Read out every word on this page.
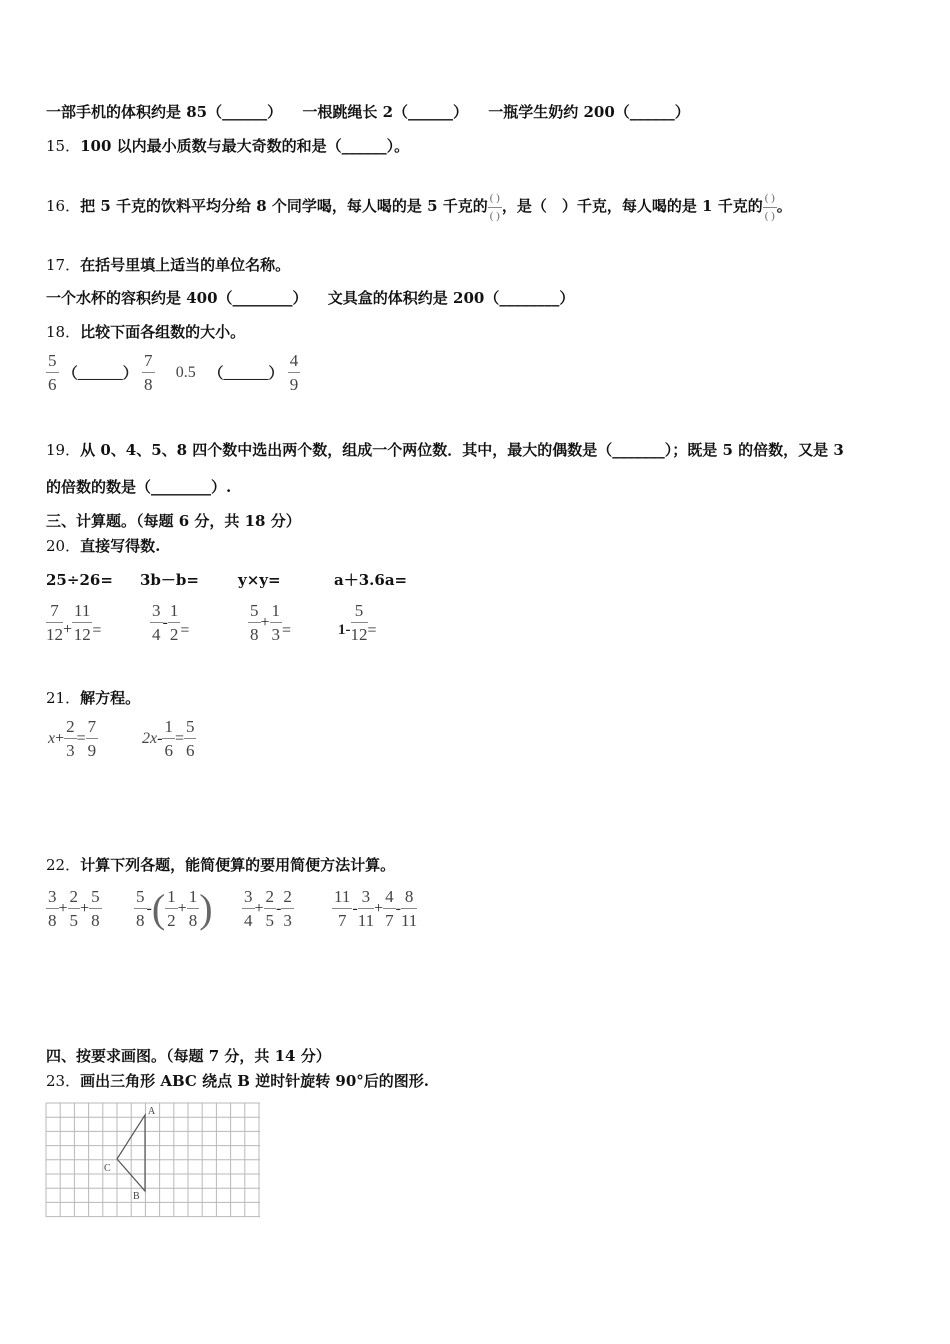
一部手机的体积约是 85（______）  一根跳绳长 2（______）  一瓶学生奶约 200（______）
15．100 以内最小质数与最大奇数的和是（______）。
16．把 5 千克的饮料平均分给 8 个同学喝，每人喝的是 5 千克的 $\frac{( )}{( )}$ ，是（　）千克，每人喝的是 1 千克的 $\frac{( )}{( )}$ 。
17．在括号里填上适当的单位名称。
一个水杯的容积约是 400（________）  文具盒的体积约是 200（________）
18．比较下面各组数的大小。
$\frac{5}{6}$ （______） $\frac{7}{8}$
   0.5  （______） $\frac{4}{9}$
19．从 0、4、5、8 四个数中选出两个数，组成一个两位数．其中，最大的偶数是（_______）；既是 5 的倍数，又是 3
的倍数的数是（________）.
三、计算题。（每题 6 分，共 18 分）
20．直接写得数.
25÷26= 3b－b=	y×y=	a＋3.6a=
$\frac{7}{12} + \frac{11}{12}$ =	$\frac{3}{4} - \frac{1}{2}$ =	$\frac{5}{8} + \frac{1}{3}$ =	$1- \frac{5}{12}$ =
21．解方程。
$x+ \frac{2}{3} = \frac{7}{9}$	$2x- \frac{1}{6} = \frac{5}{6}$
22．计算下列各题，能简便算的要用简便方法计算。
$\frac{3}{8} + \frac{2}{5} + \frac{5}{8} \frac{5}{8}$ -( $\frac{1}{2} + \frac{1}{8}$ ) $\frac{3}{4} + \frac{2}{5} - \frac{2}{3} \frac{11}{7} - \frac{3}{11} + \frac{4}{7} - \frac{8}{11}$
四、按要求画图。（每题 7 分，共 14 分）
23．画出三角形 ABC 绕点 B 逆时针旋转 90°后的图形.
A
B
C
